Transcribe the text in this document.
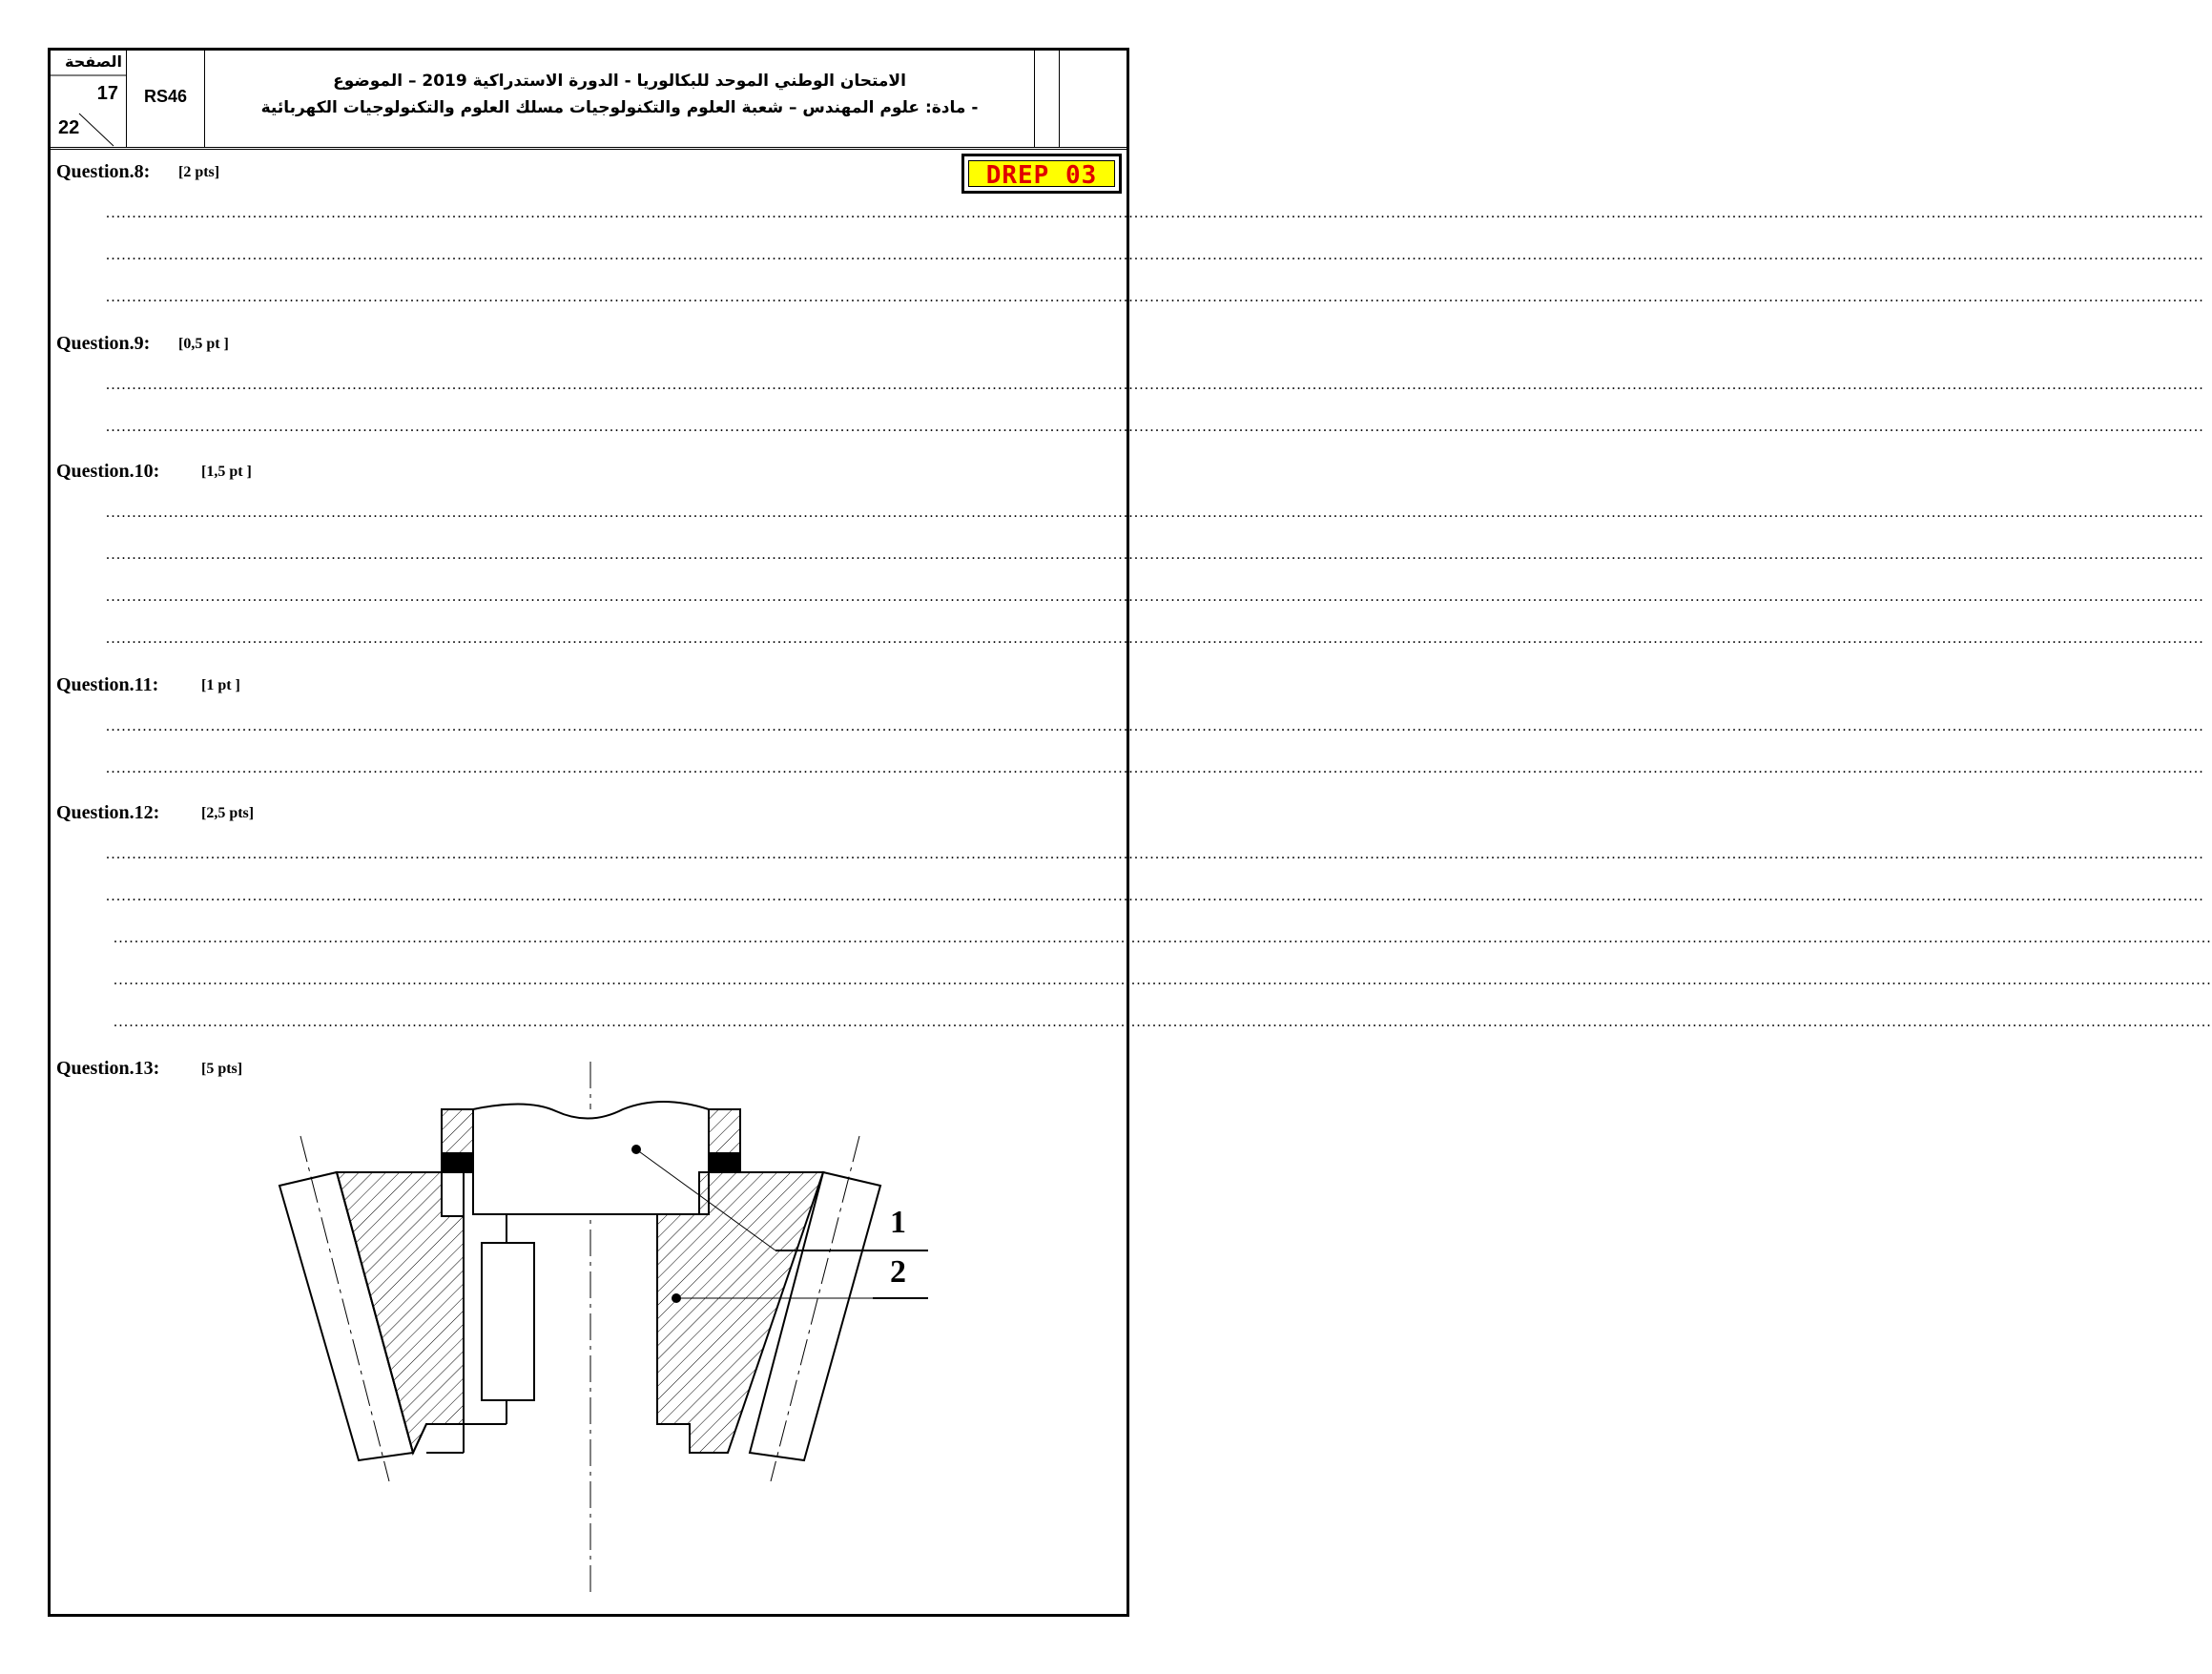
الصفحة
17
22
RS46
الامتحان الوطني الموحد للبكالوريا - الدورة الاستدراكية 2019 – الموضوع
- مادة: علوم المهندس – شعبة العلوم والتكنولوجيات مسلك العلوم والتكنولوجيات الكهربائية
DREP 03
Question.8: [2 pts]
................................................................................................................................................................................................................................................................................................................................................................................................................
................................................................................................................................................................................................................................................................................................................................................................................................................
................................................................................................................................................................................................................................................................................................................................................................................................................
Question.9: [0,5 pt ]
................................................................................................................................................................................................................................................................................................................................................................................................................
................................................................................................................................................................................................................................................................................................................................................................................................................
Question.10:	[1,5 pt ]
................................................................................................................................................................................................................................................................................................................................................................................................................
................................................................................................................................................................................................................................................................................................................................................................................................................
................................................................................................................................................................................................................................................................................................................................................................................................................
................................................................................................................................................................................................................................................................................................................................................................................................................
Question.11:	[1 pt ]
................................................................................................................................................................................................................................................................................................................................................................................................................
................................................................................................................................................................................................................................................................................................................................................................................................................
Question.12:	[2,5 pts]
................................................................................................................................................................................................................................................................................................................................................................................................................
................................................................................................................................................................................................................................................................................................................................................................................................................
................................................................................................................................................................................................................................................................................................................................................................................................................
................................................................................................................................................................................................................................................................................................................................................................................................................
................................................................................................................................................................................................................................................................................................................................................................................................................
Question.13:	[5 pts]
1
2
